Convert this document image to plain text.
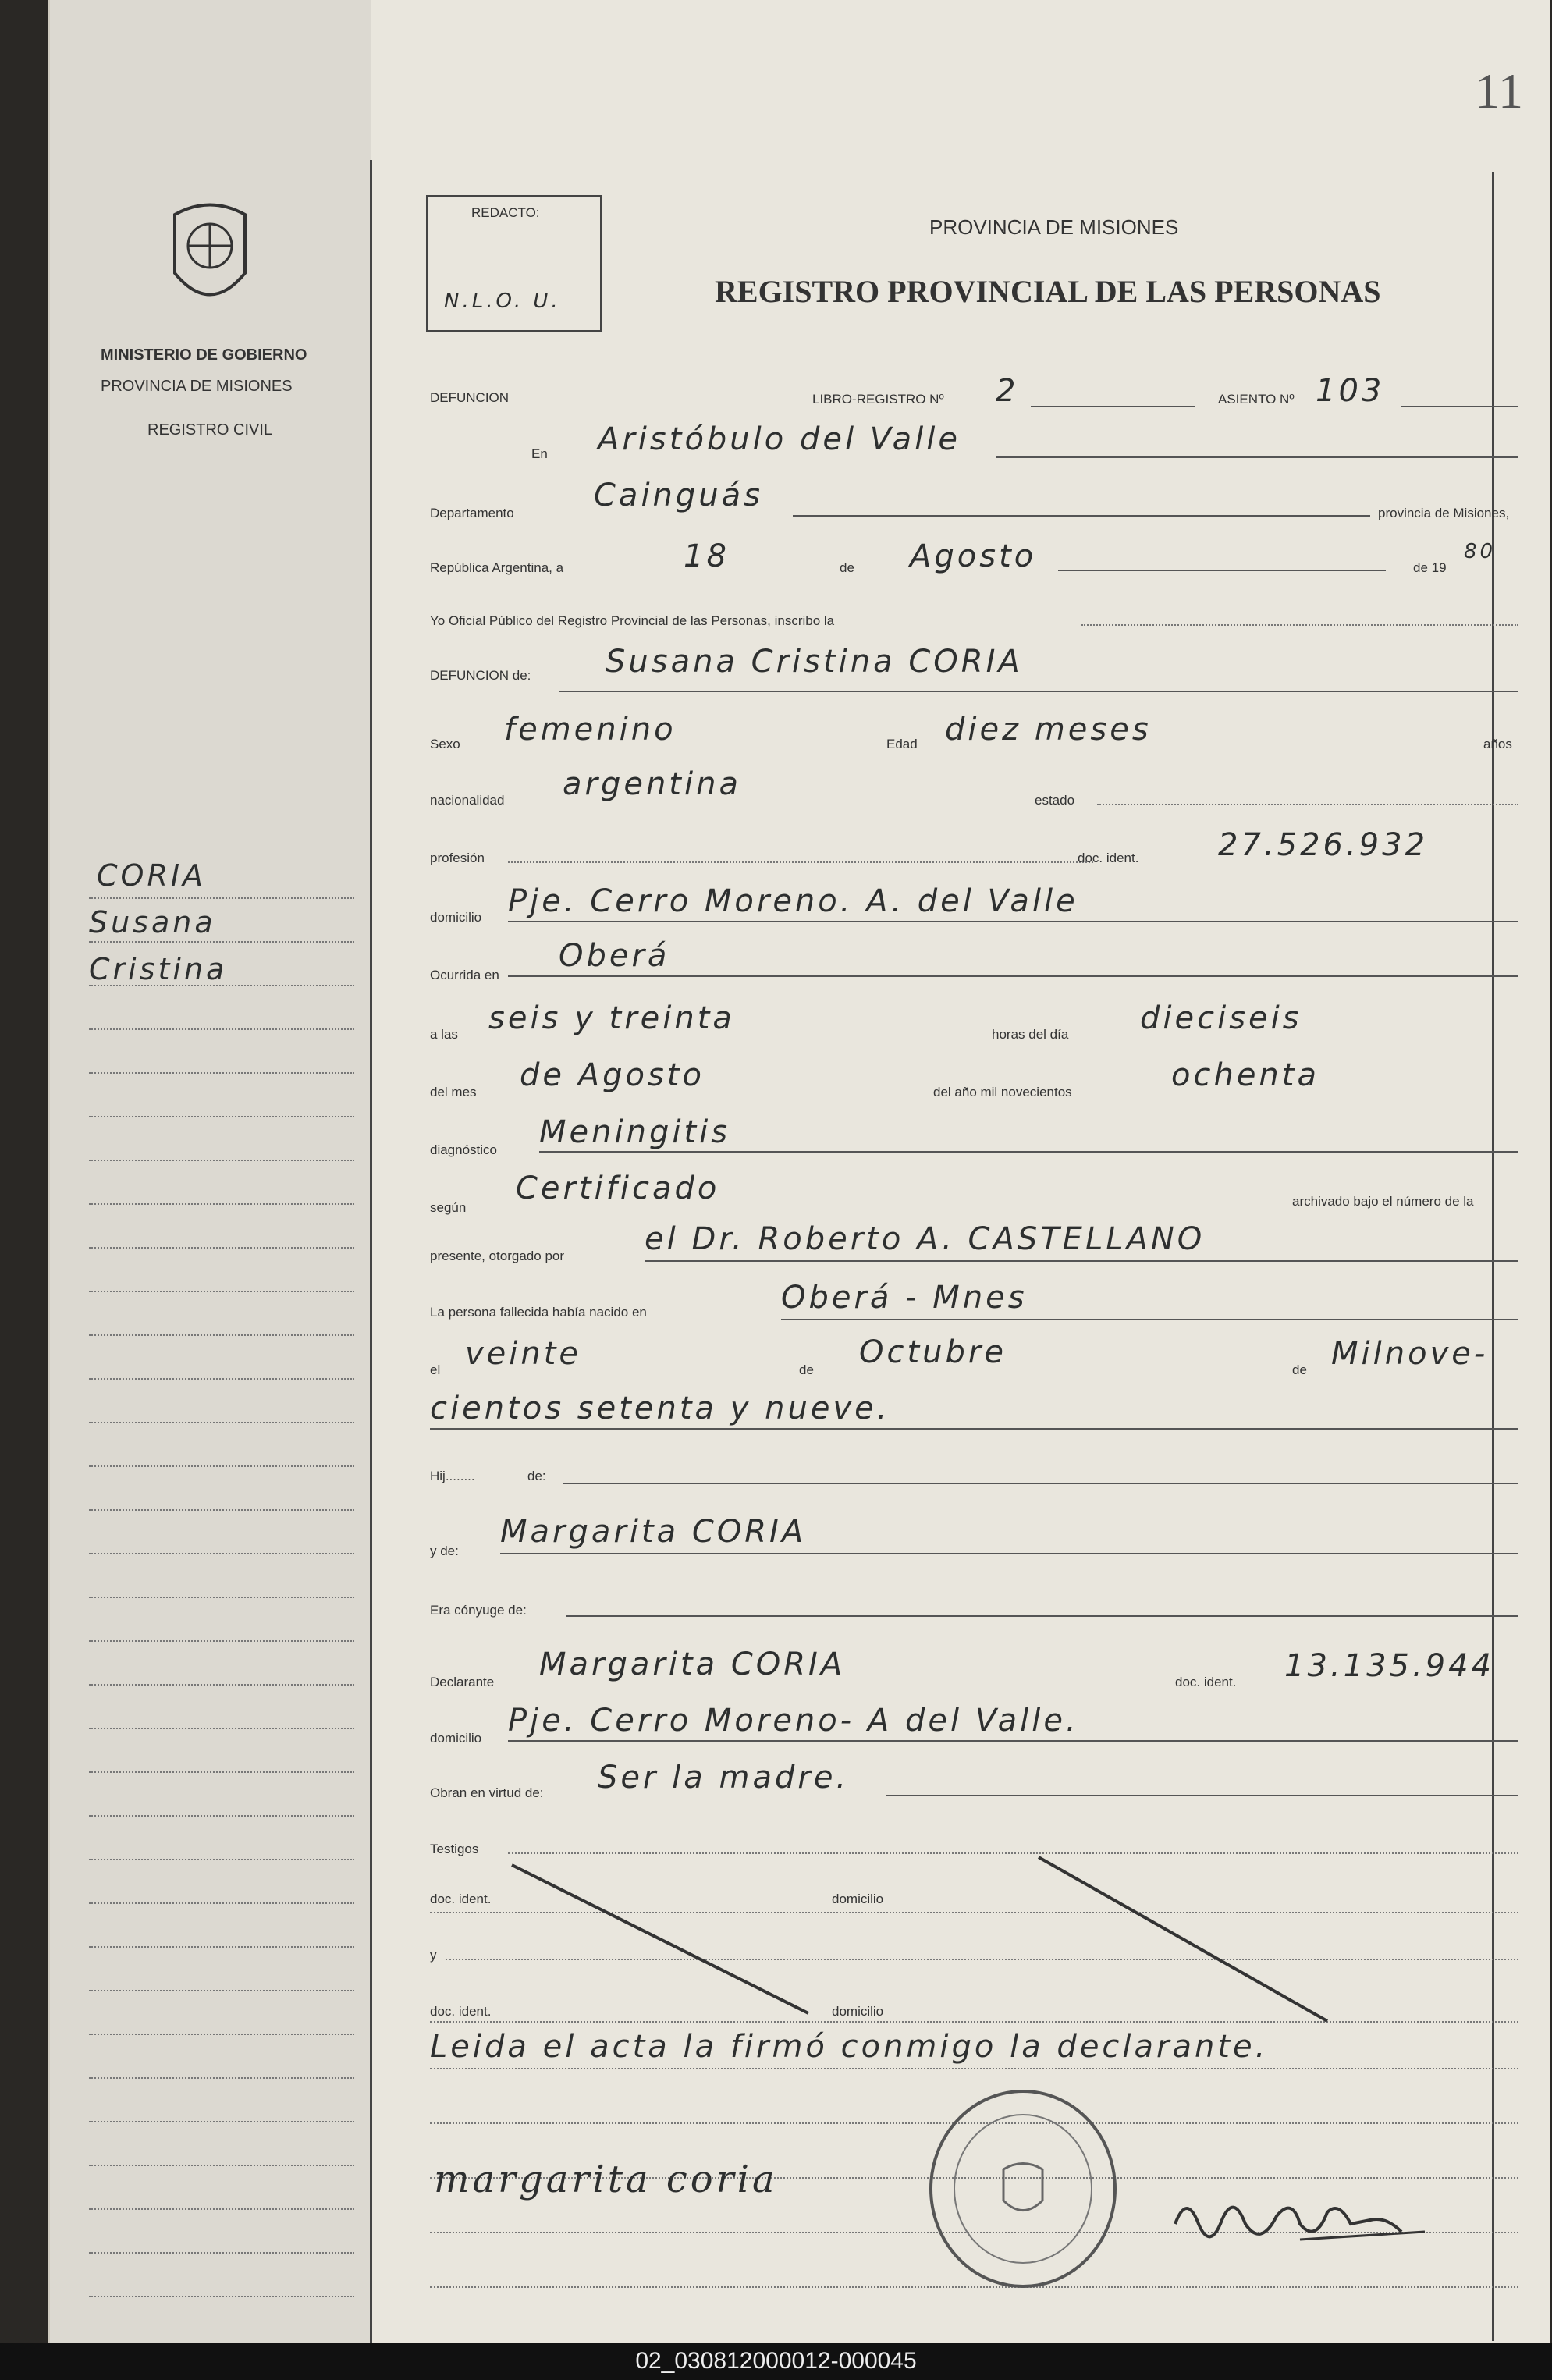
MINISTERIO DE GOBIERNO
PROVINCIA DE MISIONES
REGISTRO CIVIL
CORIA
Susana
Cristina
11
REDACTO:
N.L.O. U.
PROVINCIA DE MISIONES
REGISTRO PROVINCIAL DE LAS PERSONAS
DEFUNCION	LIBRO-REGISTRO Nº 2	ASIENTO Nº 103
En Aristóbulo del Valle
Departamento	Cainguás	provincia de Misiones,
República Argentina, a	18	de Agosto	de 19
80
Yo Oficial Público del Registro Provincial de las Personas, inscribo la
DEFUNCION de: Susana Cristina CORIA
Sexo femenino	Edad diez meses	años
nacionalidad argentina	estado
profesión	doc. ident.	27.526.932
domicilio Pje. Cerro Moreno. A. del Valle
Ocurrida en
Oberá
a las seis y treinta	horas del día dieciseis
del mes de Agosto	del año mil novecientos	ochenta
diagnóstico Meningitis
según
Certificado	archivado bajo el número de la
presente, otorgado por	el Dr. Roberto A. CASTELLANO
La persona fallecida había nacido en	Oberá - Mnes
el veinte	de Octubre	de Milnove-
cientos setenta y nueve.
Hij........	de:
y de:
Margarita CORIA
Era cónyuge de:
Declarante Margarita CORIA	doc. ident. 13.135.944
domicilio Pje. Cerro Moreno- A del Valle.
Obran en virtud de: Ser la madre.
Testigos
doc. ident.	domicilio
y
doc. ident.	domicilio
Leida el acta la firmó conmigo la declarante.
margarita coria
02_030812000012-000045
